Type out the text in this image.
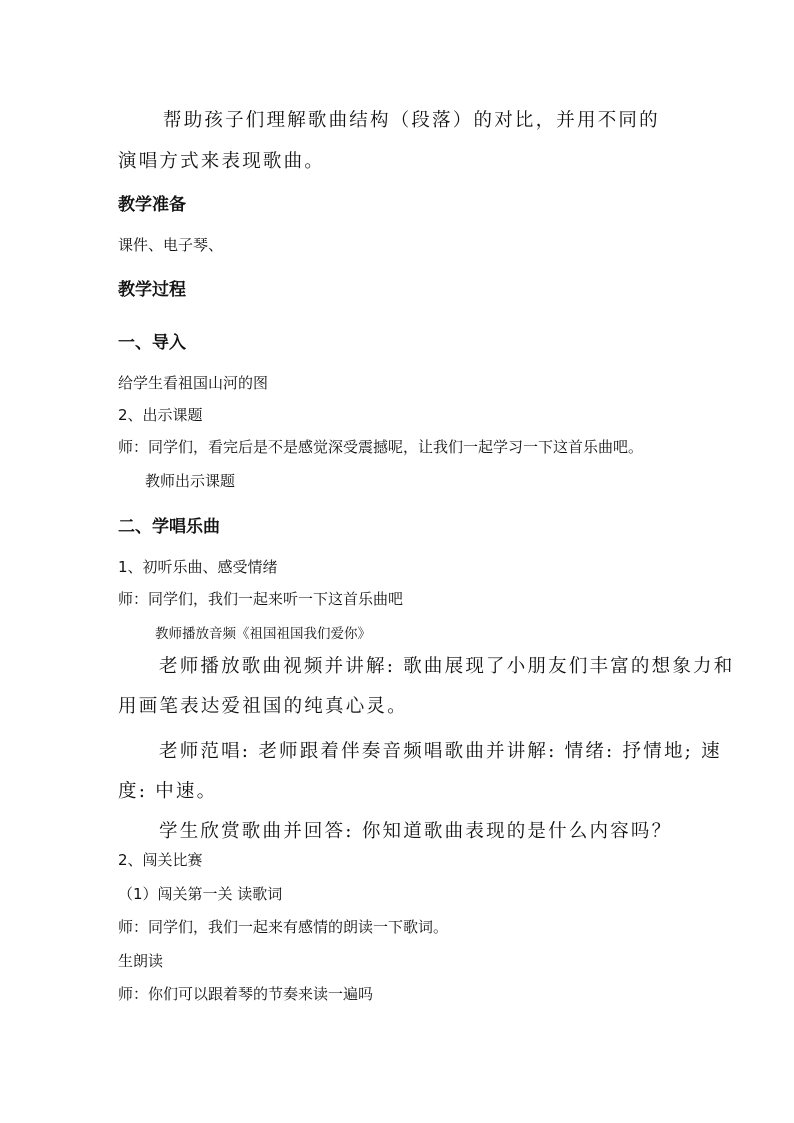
帮助孩子们理解歌曲结构（段落）的对比，并用不同的
演唱方式来表现歌曲。
教学准备
课件、电子琴、
教学过程
一、导入
给学生看祖国山河的图
2、出示课题
师：同学们，看完后是不是感觉深受震撼呢，让我们一起学习一下这首乐曲吧。
教师出示课题
二、学唱乐曲
1、初听乐曲、感受情绪
师：同学们，我们一起来听一下这首乐曲吧
教师播放音频《祖国祖国我们爱你》
老师播放歌曲视频并讲解: 歌曲展现了小朋友们丰富的想象力和
用画笔表达爱祖国的纯真心灵。
老师范唱: 老师跟着伴奏音频唱歌曲并讲解: 情绪: 抒情地; 速
度: 中速。
学生欣赏歌曲并回答: 你知道歌曲表现的是什么内容吗？
2、闯关比赛
（1）闯关第一关 读歌词
师：同学们，我们一起来有感情的朗读一下歌词。
生朗读
师：你们可以跟着琴的节奏来读一遍吗
